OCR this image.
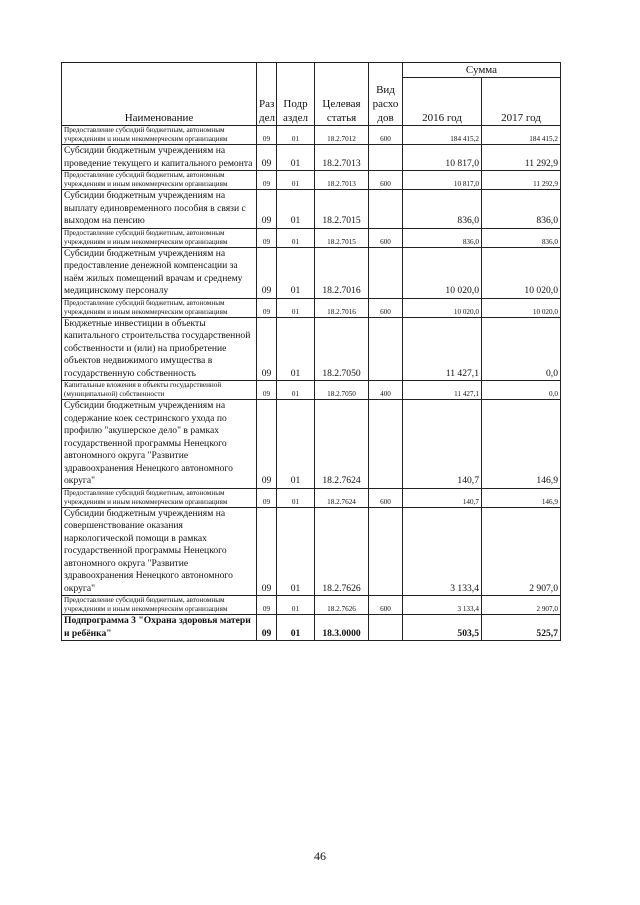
Наименование	Раз дел	Подр аздел	Целевая статья	Вид расхо дов	Сумма	
					2016 год	2017 год
Предоставление субсидий бюджетным, автономным учреждениям и иным некоммерческим организациям	09	01	18.2.7012	600	184 415,2	184 415,2
Субсидии бюджетным учреждениям на проведение текущего и капитального ремонта	09	01	18.2.7013		10 817,0	11 292,9
Предоставление субсидий бюджетным, автономным учреждениям и иным некоммерческим организациям	09	01	18.2.7013	600	10 817,0	11 292,9
Субсидии бюджетным учреждениям на выплату единовременного пособия в связи с выходом на пенсию	09	01	18.2.7015		836,0	836,0
Предоставление субсидий бюджетным, автономным учреждениям и иным некоммерческим организациям	09	01	18.2.7015	600	836,0	836,0
Субсидии бюджетным учреждениям на предоставление денежной компенсации за наём жилых помещений врачам и среднему медицинскому персоналу	09	01	18.2.7016		10 020,0	10 020,0
Предоставление субсидий бюджетным, автономным учреждениям и иным некоммерческим организациям	09	01	18.2.7016	600	10 020,0	10 020,0
Бюджетные инвестиции в объекты капитального строительства государственной собственности и (или) на приобретение объектов недвижимого имущества в государственную собственность	09	01	18.2.7050		11 427,1	0,0
Капитальные вложения в объекты государственной (муниципальной) собственности	09	01	18.2.7050	400	11 427,1	0,0
Субсидии бюджетным учреждениям на содержание коек сестринского ухода по профилю "акушерское дело" в рамках государственной программы Ненецкого автономного округа "Развитие здравоохранения Ненецкого автономного округа"	09	01	18.2.7624		140,7	146,9
Предоставление субсидий бюджетным, автономным учреждениям и иным некоммерческим организациям	09	01	18.2.7624	600	140,7	146,9
Субсидии бюджетным учреждениям на совершенствование оказания наркологической помощи в рамках государственной программы Ненецкого автономного округа "Развитие здравоохранения Ненецкого автономного округа"	09	01	18.2.7626		3 133,4	2 907,0
Предоставление субсидий бюджетным, автономным учреждениям и иным некоммерческим организациям	09	01	18.2.7626	600	3 133,4	2 907,0
Подпрограмма 3 "Охрана здоровья матери и ребёнка"	09	01	18.3.0000		503,5	525,7
46
